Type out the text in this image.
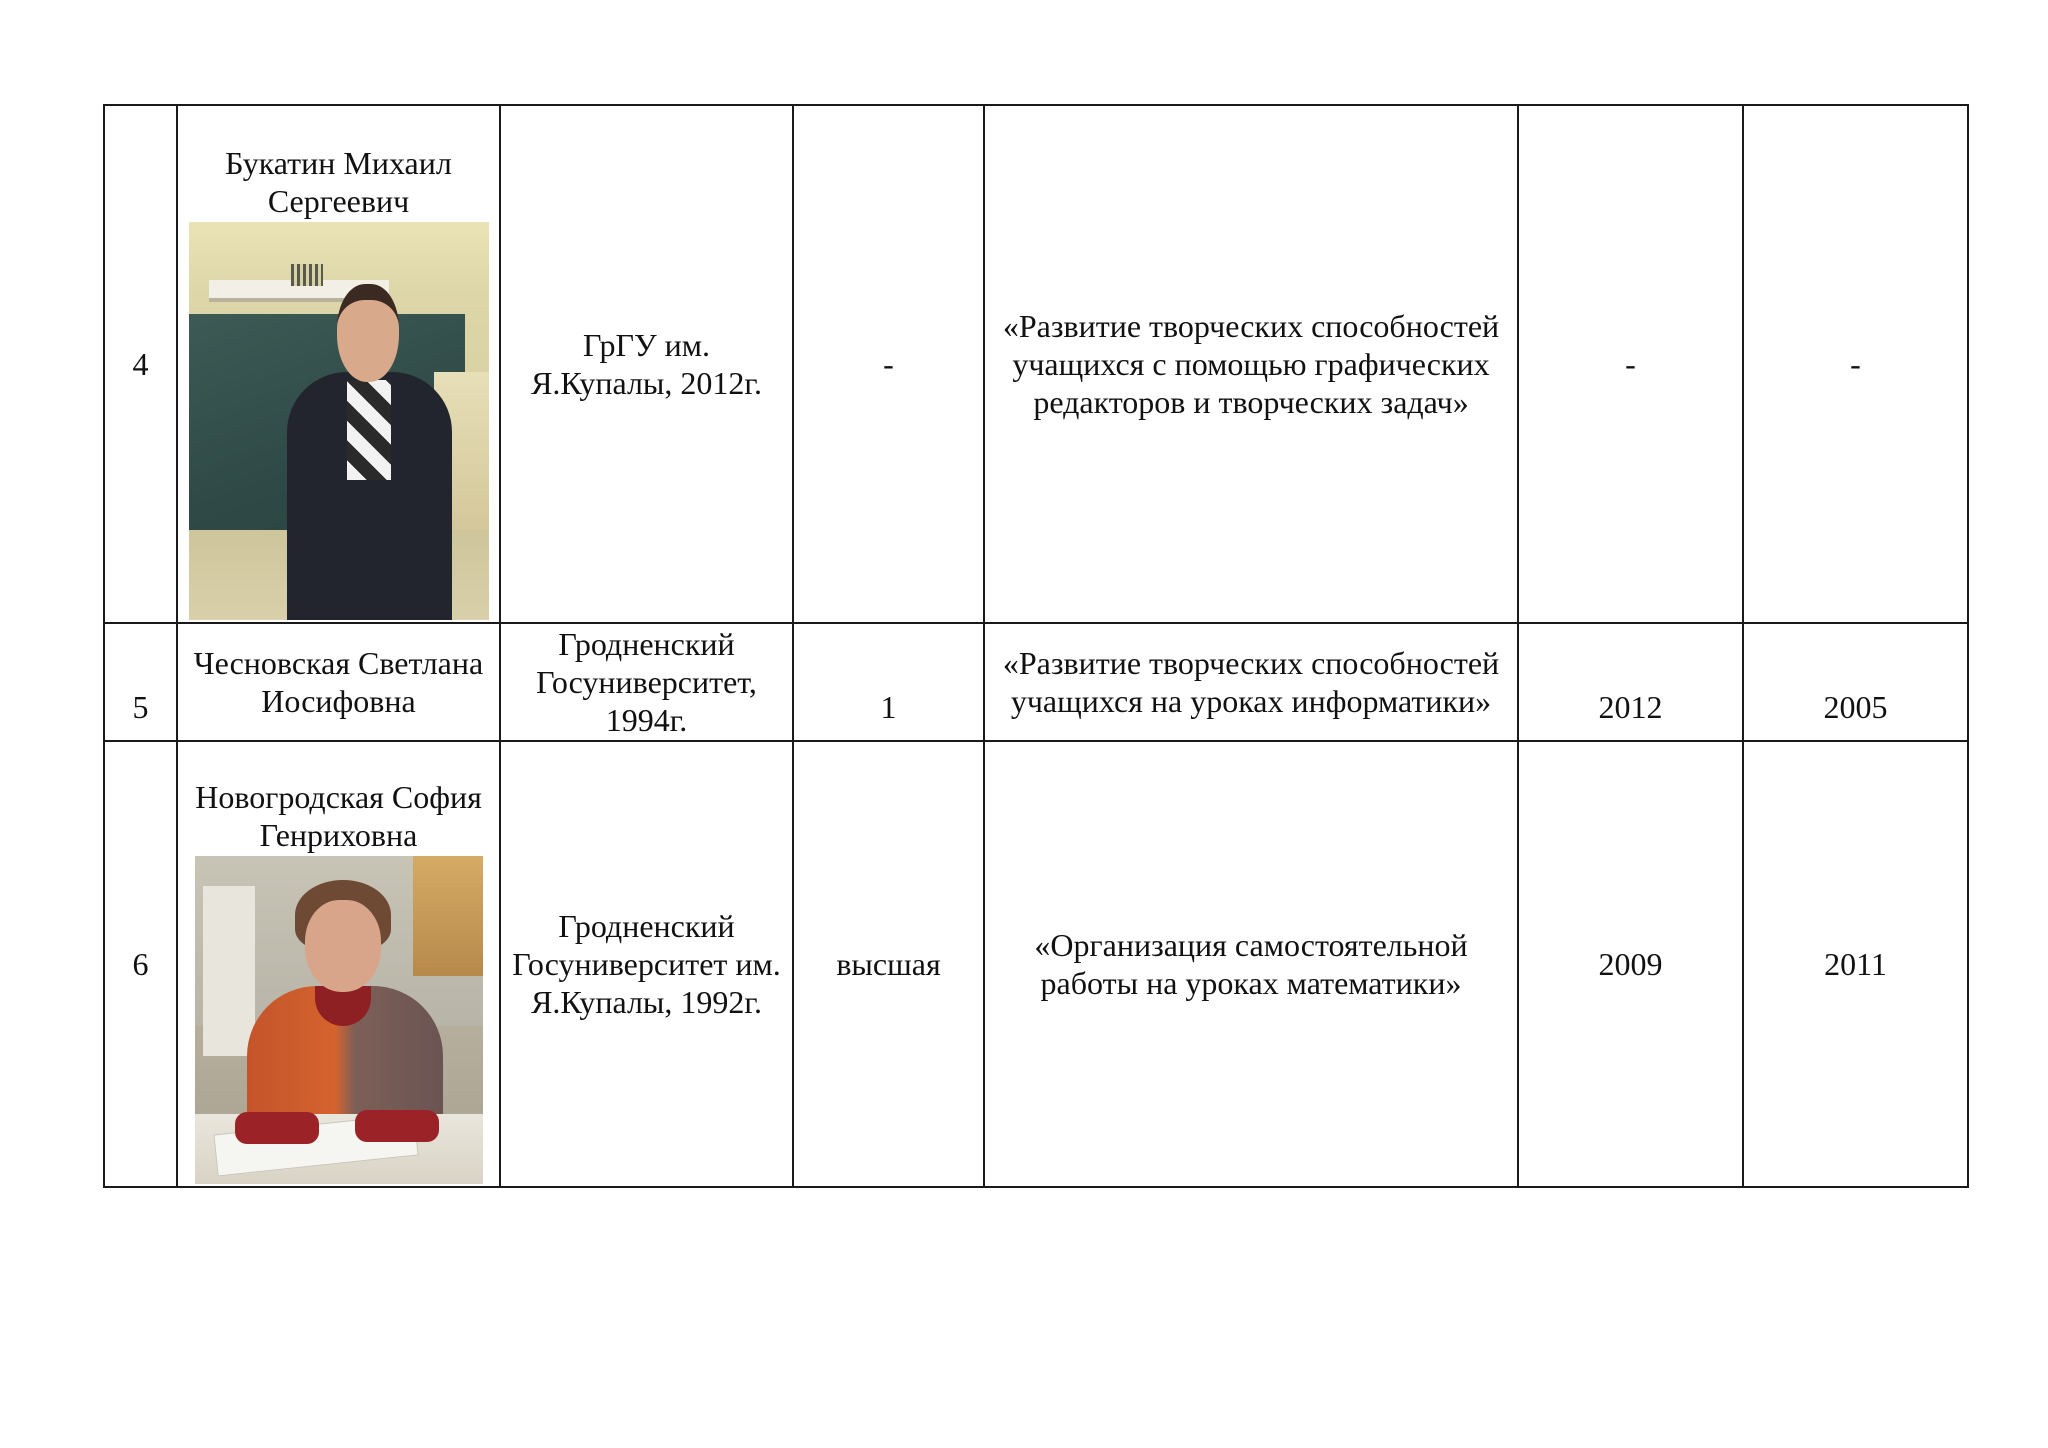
4	Букатин Михаил Сергеевич	ГрГУ им. Я.Купалы, 2012г.	-	«Развитие творческих способностей учащихся с помощью графических редакторов и творческих задач»	-	-
5	Чесновская Светлана Иосифовна	Гродненский Госуниверситет, 1994г.	1	«Развитие творческих способностей учащихся на уроках информатики»	2012	2005
6	Новогродская София Генриховна	Гродненский Госуниверситет им. Я.Купалы, 1992г.	высшая	«Организация самостоятельной работы на уроках математики»	2009	2011
